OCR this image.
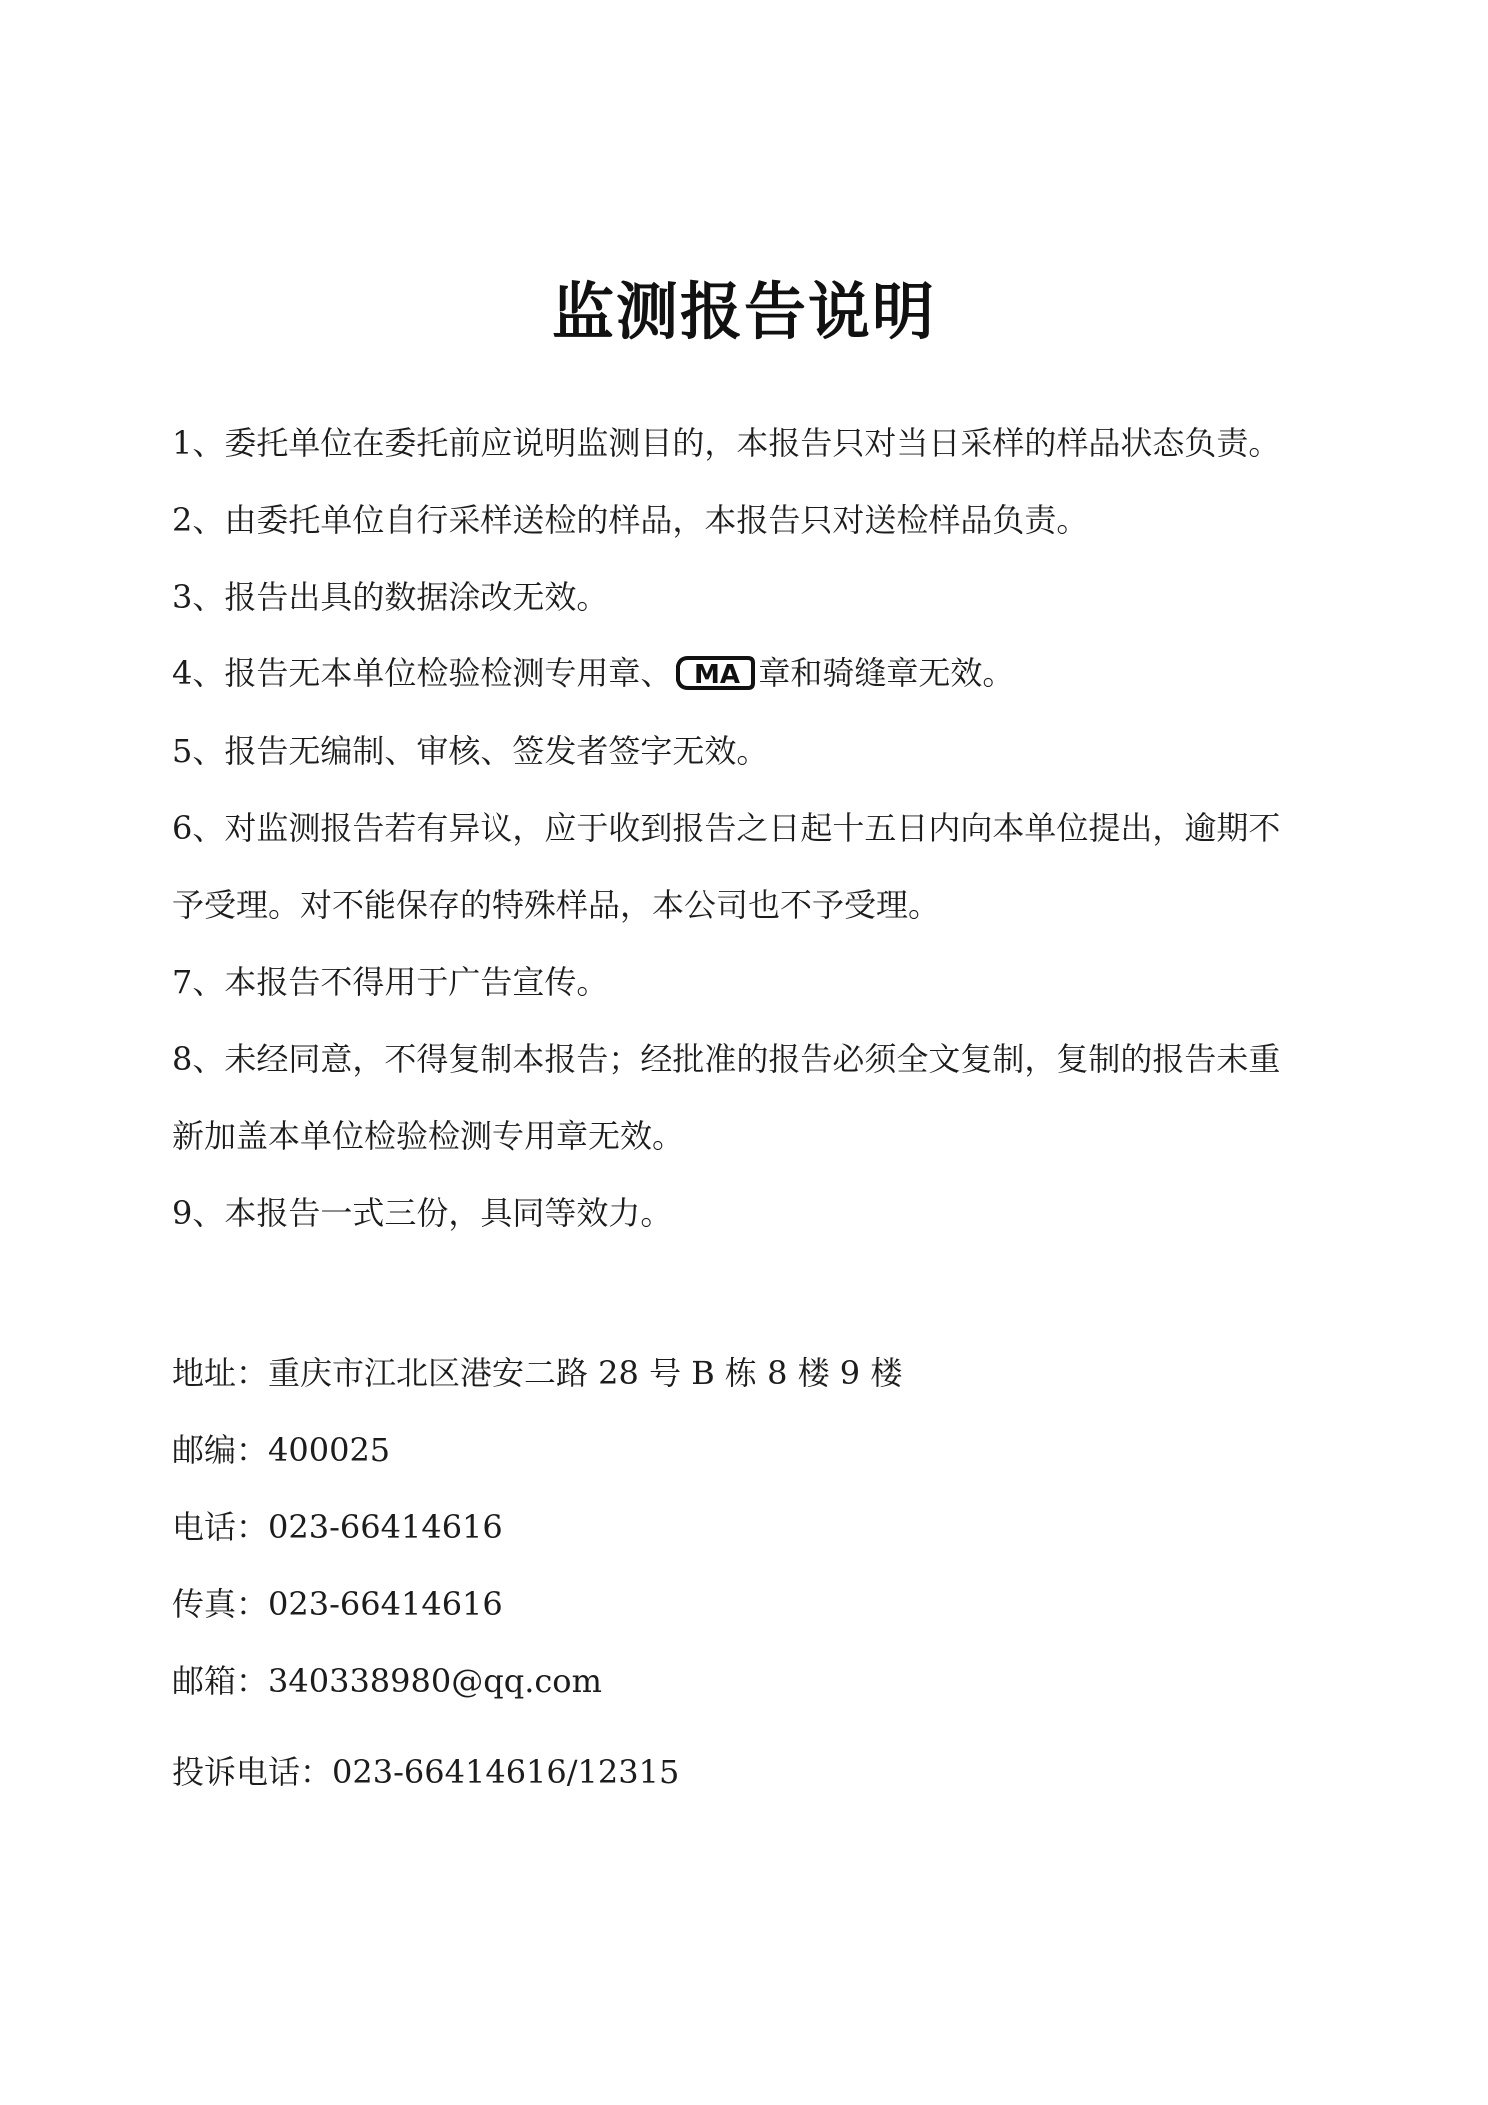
监测报告说明
1、委托单位在委托前应说明监测目的，本报告只对当日采样的样品状态负责。
2、由委托单位自行采样送检的样品，本报告只对送检样品负责。
3、报告出具的数据涂改无效。
4、报告无本单位检验检测专用章、 MA 章和骑缝章无效。
5、报告无编制、审核、签发者签字无效。
6、对监测报告若有异议，应于收到报告之日起十五日内向本单位提出，逾期不
予受理。对不能保存的特殊样品，本公司也不予受理。
7、本报告不得用于广告宣传。
8、未经同意，不得复制本报告；经批准的报告必须全文复制，复制的报告未重
新加盖本单位检验检测专用章无效。
9、本报告一式三份，具同等效力。
地址：重庆市江北区港安二路 28 号 B 栋 8 楼 9 楼
邮编：400025
电话：023-66414616
传真：023-66414616
邮箱：340338980@qq.com
投诉电话：023-66414616/12315
